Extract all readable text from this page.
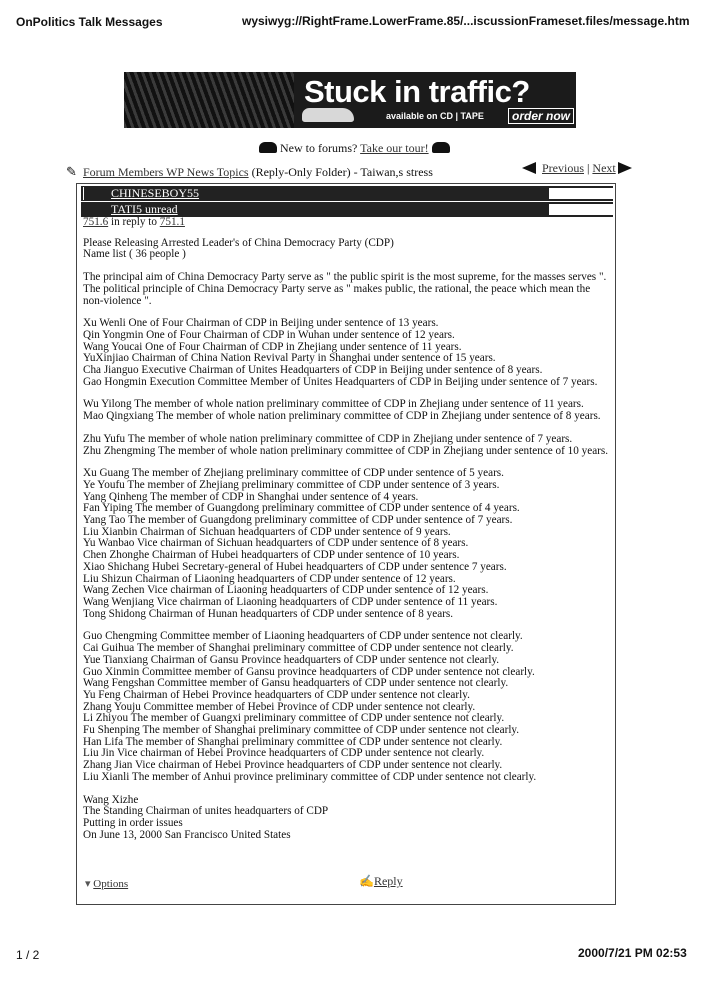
OnPolitics Talk Messages	wysiwyg://RightFrame.LowerFrame.85/...iscussionFrameset.files/message.htm
Stuck in traffic?
available on CD | TAPE	order now
New to forums? Take our tour!
✎ Forum Members WP News Topics (Reply-Only Folder) - Taiwan,s stress	Previous | Next
CHINESEBOY55
TATI5 unread

751.6 in reply to 751.1

Please Releasing Arrested Leader's of China Democracy Party (CDP)

Name list ( 36 people )

The principal aim of China Democracy Party serve as " the public spirit is the most supreme, for the masses serves ". The political principle of China Democracy Party serve as " makes public, the rational, the peace which mean the non-violence ".

Xu Wenli One of Four Chairman of CDP in Beijing under sentence of 13 years.

Qin Yongmin One of Four Chairman of CDP in Wuhan under sentence of 12 years.

Wang Youcai One of Four Chairman of CDP in Zhejiang under sentence of 11 years.

YuXinjiao Chairman of China Nation Revival Party in Shanghai under sentence of 15 years.

Cha Jianguo Executive Chairman of Unites Headquarters of CDP in Beijing under sentence of 8 years.

Gao Hongmin Execution Committee Member of Unites Headquarters of CDP in Beijing under sentence of 7 years.

Wu Yilong The member of whole nation preliminary committee of CDP in Zhejiang under sentence of 11 years.

Mao Qingxiang The member of whole nation preliminary committee of CDP in Zhejiang under sentence of 8 years.

Zhu Yufu The member of whole nation preliminary committee of CDP in Zhejiang under sentence of 7 years.

Zhu Zhengming The member of whole nation preliminary committee of CDP in Zhejiang under sentence of 10 years.

Xu Guang The member of Zhejiang preliminary committee of CDP under sentence of 5 years.

Ye Youfu The member of Zhejiang preliminary committee of CDP under sentence of 3 years.

Yang Qinheng The member of CDP in Shanghai under sentence of 4 years.

Fan Yiping The member of Guangdong preliminary committee of CDP under sentence of 4 years.

Yang Tao The member of Guangdong preliminary committee of CDP under sentence of 7 years.

Liu Xianbin Chairman of Sichuan headquarters of CDP under sentence of 9 years.

Yu Wanbao Vice chairman of Sichuan headquarters of CDP under sentence of 8 years.

Chen Zhonghe Chairman of Hubei headquarters of CDP under sentence of 10 years.

Xiao Shichang Hubei Secretary-general of Hubei headquarters of CDP under sentence 7 years.

Liu Shizun Chairman of Liaoning headquarters of CDP under sentence of 12 years.

Wang Zechen Vice chairman of Liaoning headquarters of CDP under sentence of 12 years.

Wang Wenjiang Vice chairman of Liaoning headquarters of CDP under sentence of 11 years.

Tong Shidong Chairman of Hunan headquarters of CDP under sentence of 8 years.

Guo Chengming Committee member of Liaoning headquarters of CDP under sentence not clearly.

Cai Guihua The member of Shanghai preliminary committee of CDP under sentence not clearly.

Yue Tianxiang Chairman of Gansu Province headquarters of CDP under sentence not clearly.

Guo Xinmin Committee member of Gansu province headquarters of CDP under sentence not clearly.

Wang Fengshan Committee member of Gansu headquarters of CDP under sentence not clearly.

Yu Feng Chairman of Hebei Province headquarters of CDP under sentence not clearly.

Zhang Youju Committee member of Hebei Province of CDP under sentence not clearly.

Li Zhiyou The member of Guangxi preliminary committee of CDP under sentence not clearly.

Fu Shenping The member of Shanghai preliminary committee of CDP under sentence not clearly.

Han Lifa The member of Shanghai preliminary committee of CDP under sentence not clearly.

Liu Jin Vice chairman of Hebei Province headquarters of CDP under sentence not clearly.

Zhang Jian Vice chairman of Hebei Province headquarters of CDP under sentence not clearly.

Liu Xianli The member of Anhui province preliminary committee of CDP under sentence not clearly.

Wang Xizhe

The Standing Chairman of unites headquarters of CDP

Putting in order issues

On June 13, 2000 San Francisco United States

▾ Options	✍Reply
1 / 2	2000/7/21 PM 02:53
